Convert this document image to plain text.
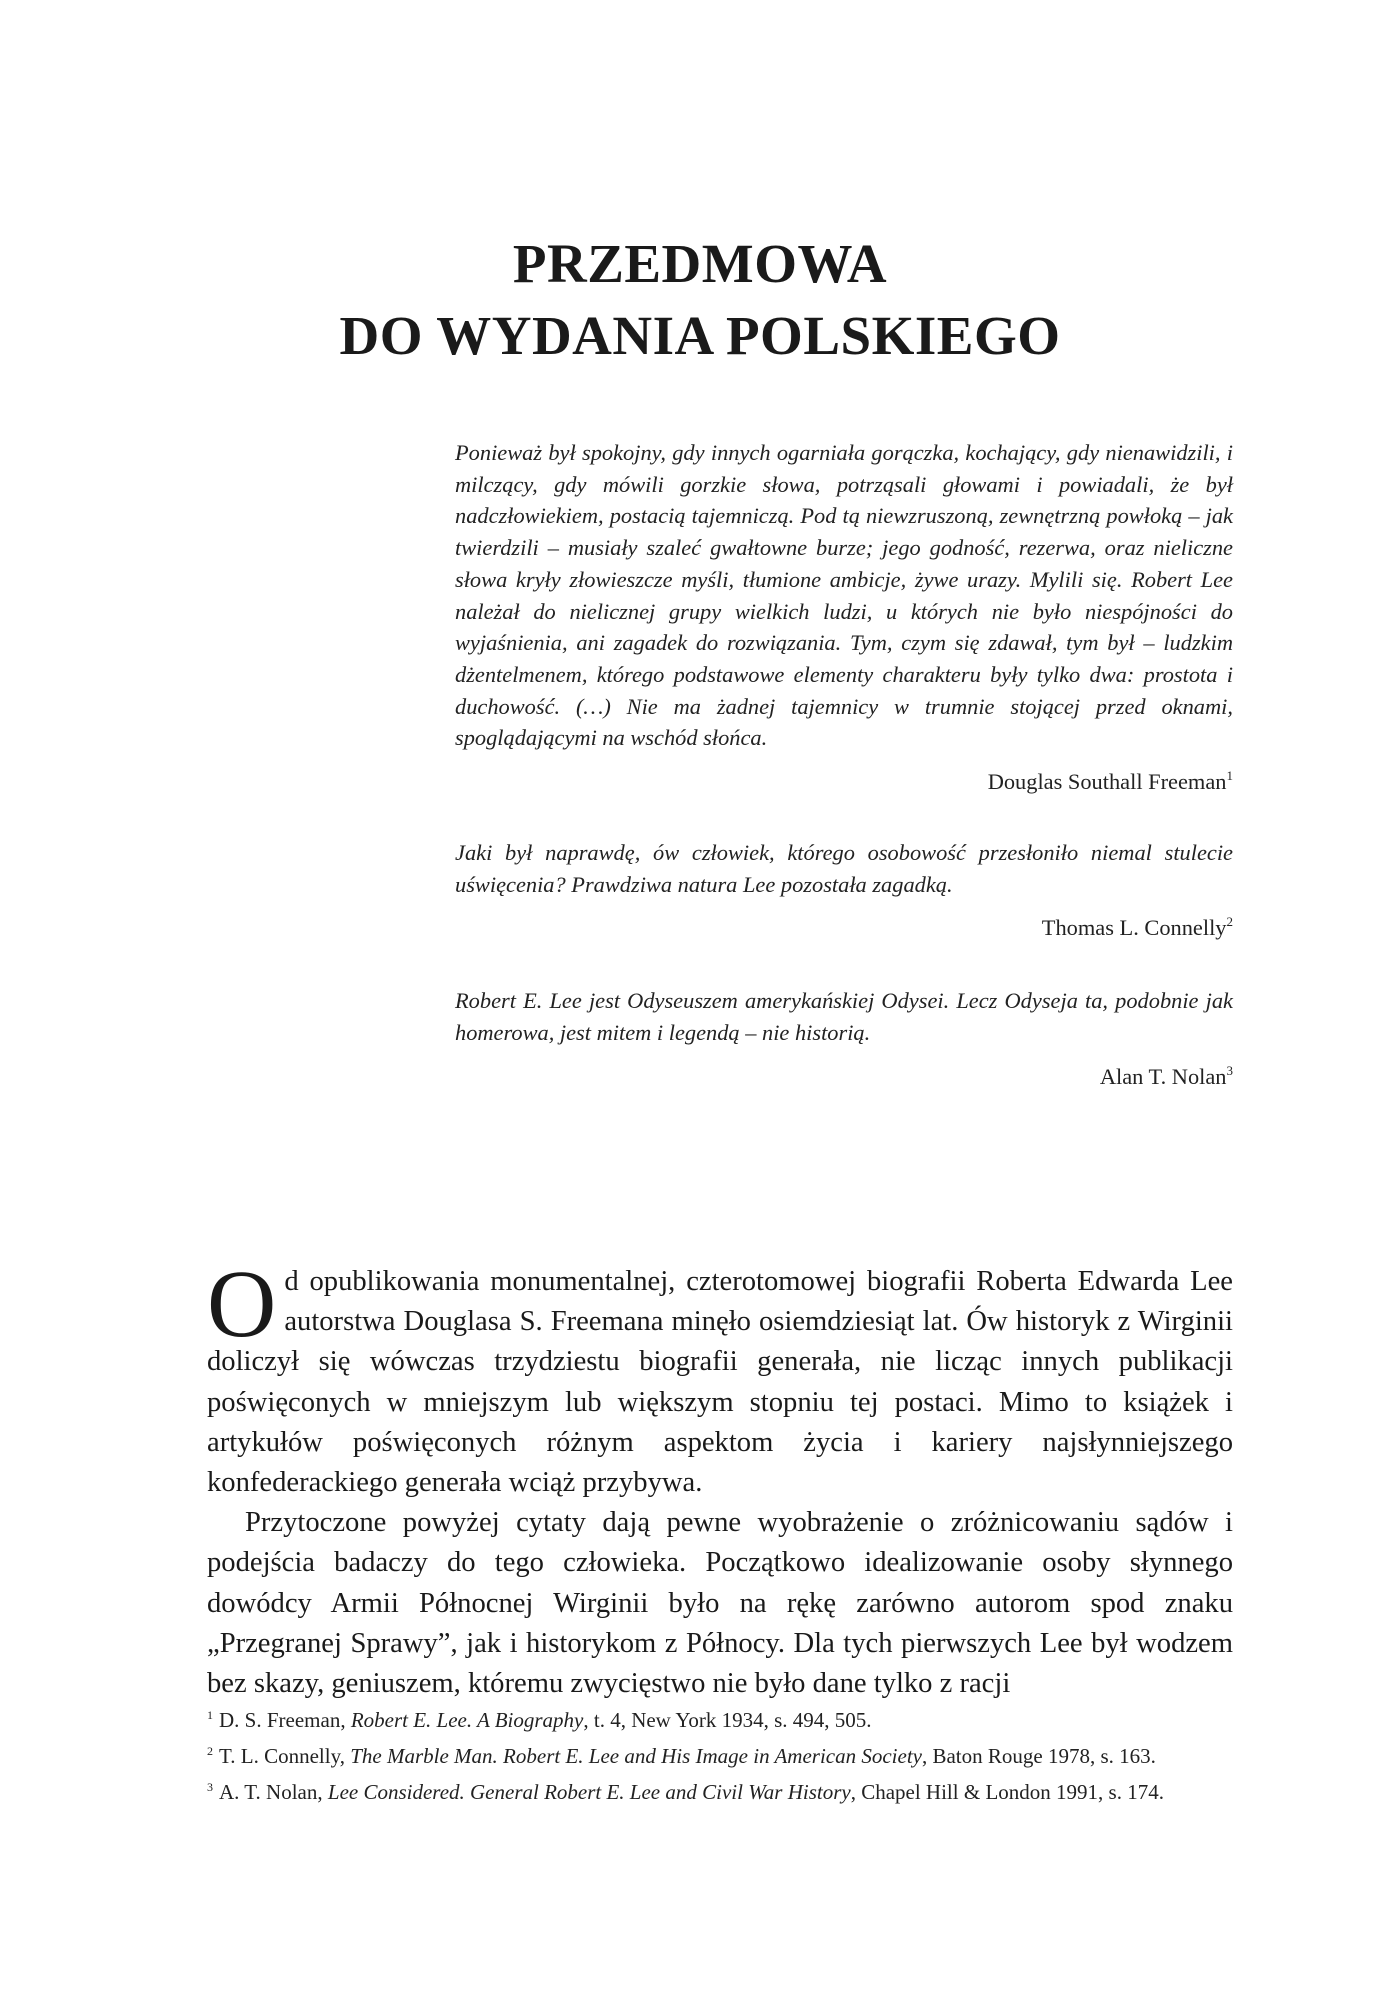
PRZEDMOWA
DO WYDANIA POLSKIEGO

Ponieważ był spokojny, gdy innych ogarniała gorączka, kochający, gdy nienawidzili, i milczący, gdy mówili gorzkie słowa, potrząsali głowami i powiadali, że był nadczłowiekiem, postacią tajemniczą. Pod tą niewzruszoną, zewnętrzną powłoką – jak twierdzili – musiały szaleć gwałtowne burze; jego godność, rezerwa, oraz nieliczne słowa kryły złowieszcze myśli, tłumione ambicje, żywe urazy. Mylili się. Robert Lee należał do nielicznej grupy wielkich ludzi, u których nie było niespójności do wyjaśnienia, ani zagadek do rozwiązania. Tym, czym się zdawał, tym był – ludzkim dżentelmenem, którego podstawowe elementy charakteru były tylko dwa: prostota i duchowość. (…) Nie ma żadnej tajemnicy w trumnie stojącej przed oknami, spoglądającymi na wschód słońca.

Douglas Southall Freeman$^1$

Jaki był naprawdę, ów człowiek, którego osobowość przesłoniło niemal stulecie uświęcenia? Prawdziwa natura Lee pozostała zagadką.

Thomas L. Connelly$^2$

Robert E. Lee jest Odyseuszem amerykańskiej Odysei. Lecz Odyseja ta, podobnie jak homerowa, jest mitem i legendą – nie historią.

Alan T. Nolan$^3$

Od opublikowania monumentalnej, czterotomowej biografii Roberta Edwarda Lee autorstwa Douglasa S. Freemana minęło osiemdziesiąt lat. Ów historyk z Wirginii doliczył się wówczas trzydziestu biografii generała, nie licząc innych publikacji poświęconych w mniejszym lub większym stopniu tej postaci. Mimo to książek i artykułów poświęconych różnym aspektom życia i kariery najsłynniejszego konfederackiego generała wciąż przybywa.

Przytoczone powyżej cytaty dają pewne wyobrażenie o zróżnicowaniu sądów i podejścia badaczy do tego człowieka. Początkowo idealizowanie osoby słynnego dowódcy Armii Północnej Wirginii było na rękę zarówno autorom spod znaku „Przegranej Sprawy”, jak i historykom z Północy. Dla tych pierwszych Lee był wodzem bez skazy, geniuszem, któremu zwycięstwo nie było dane tylko z racji

$^1$ D. S. Freeman, Robert E. Lee. A Biography, t. 4, New York 1934, s. 494, 505.

$^2$ T. L. Connelly, The Marble Man. Robert E. Lee and His Image in American Society, Baton Rouge 1978, s. 163.

$^3$ A. T. Nolan, Lee Considered. General Robert E. Lee and Civil War History, Chapel Hill & London 1991, s. 174.
